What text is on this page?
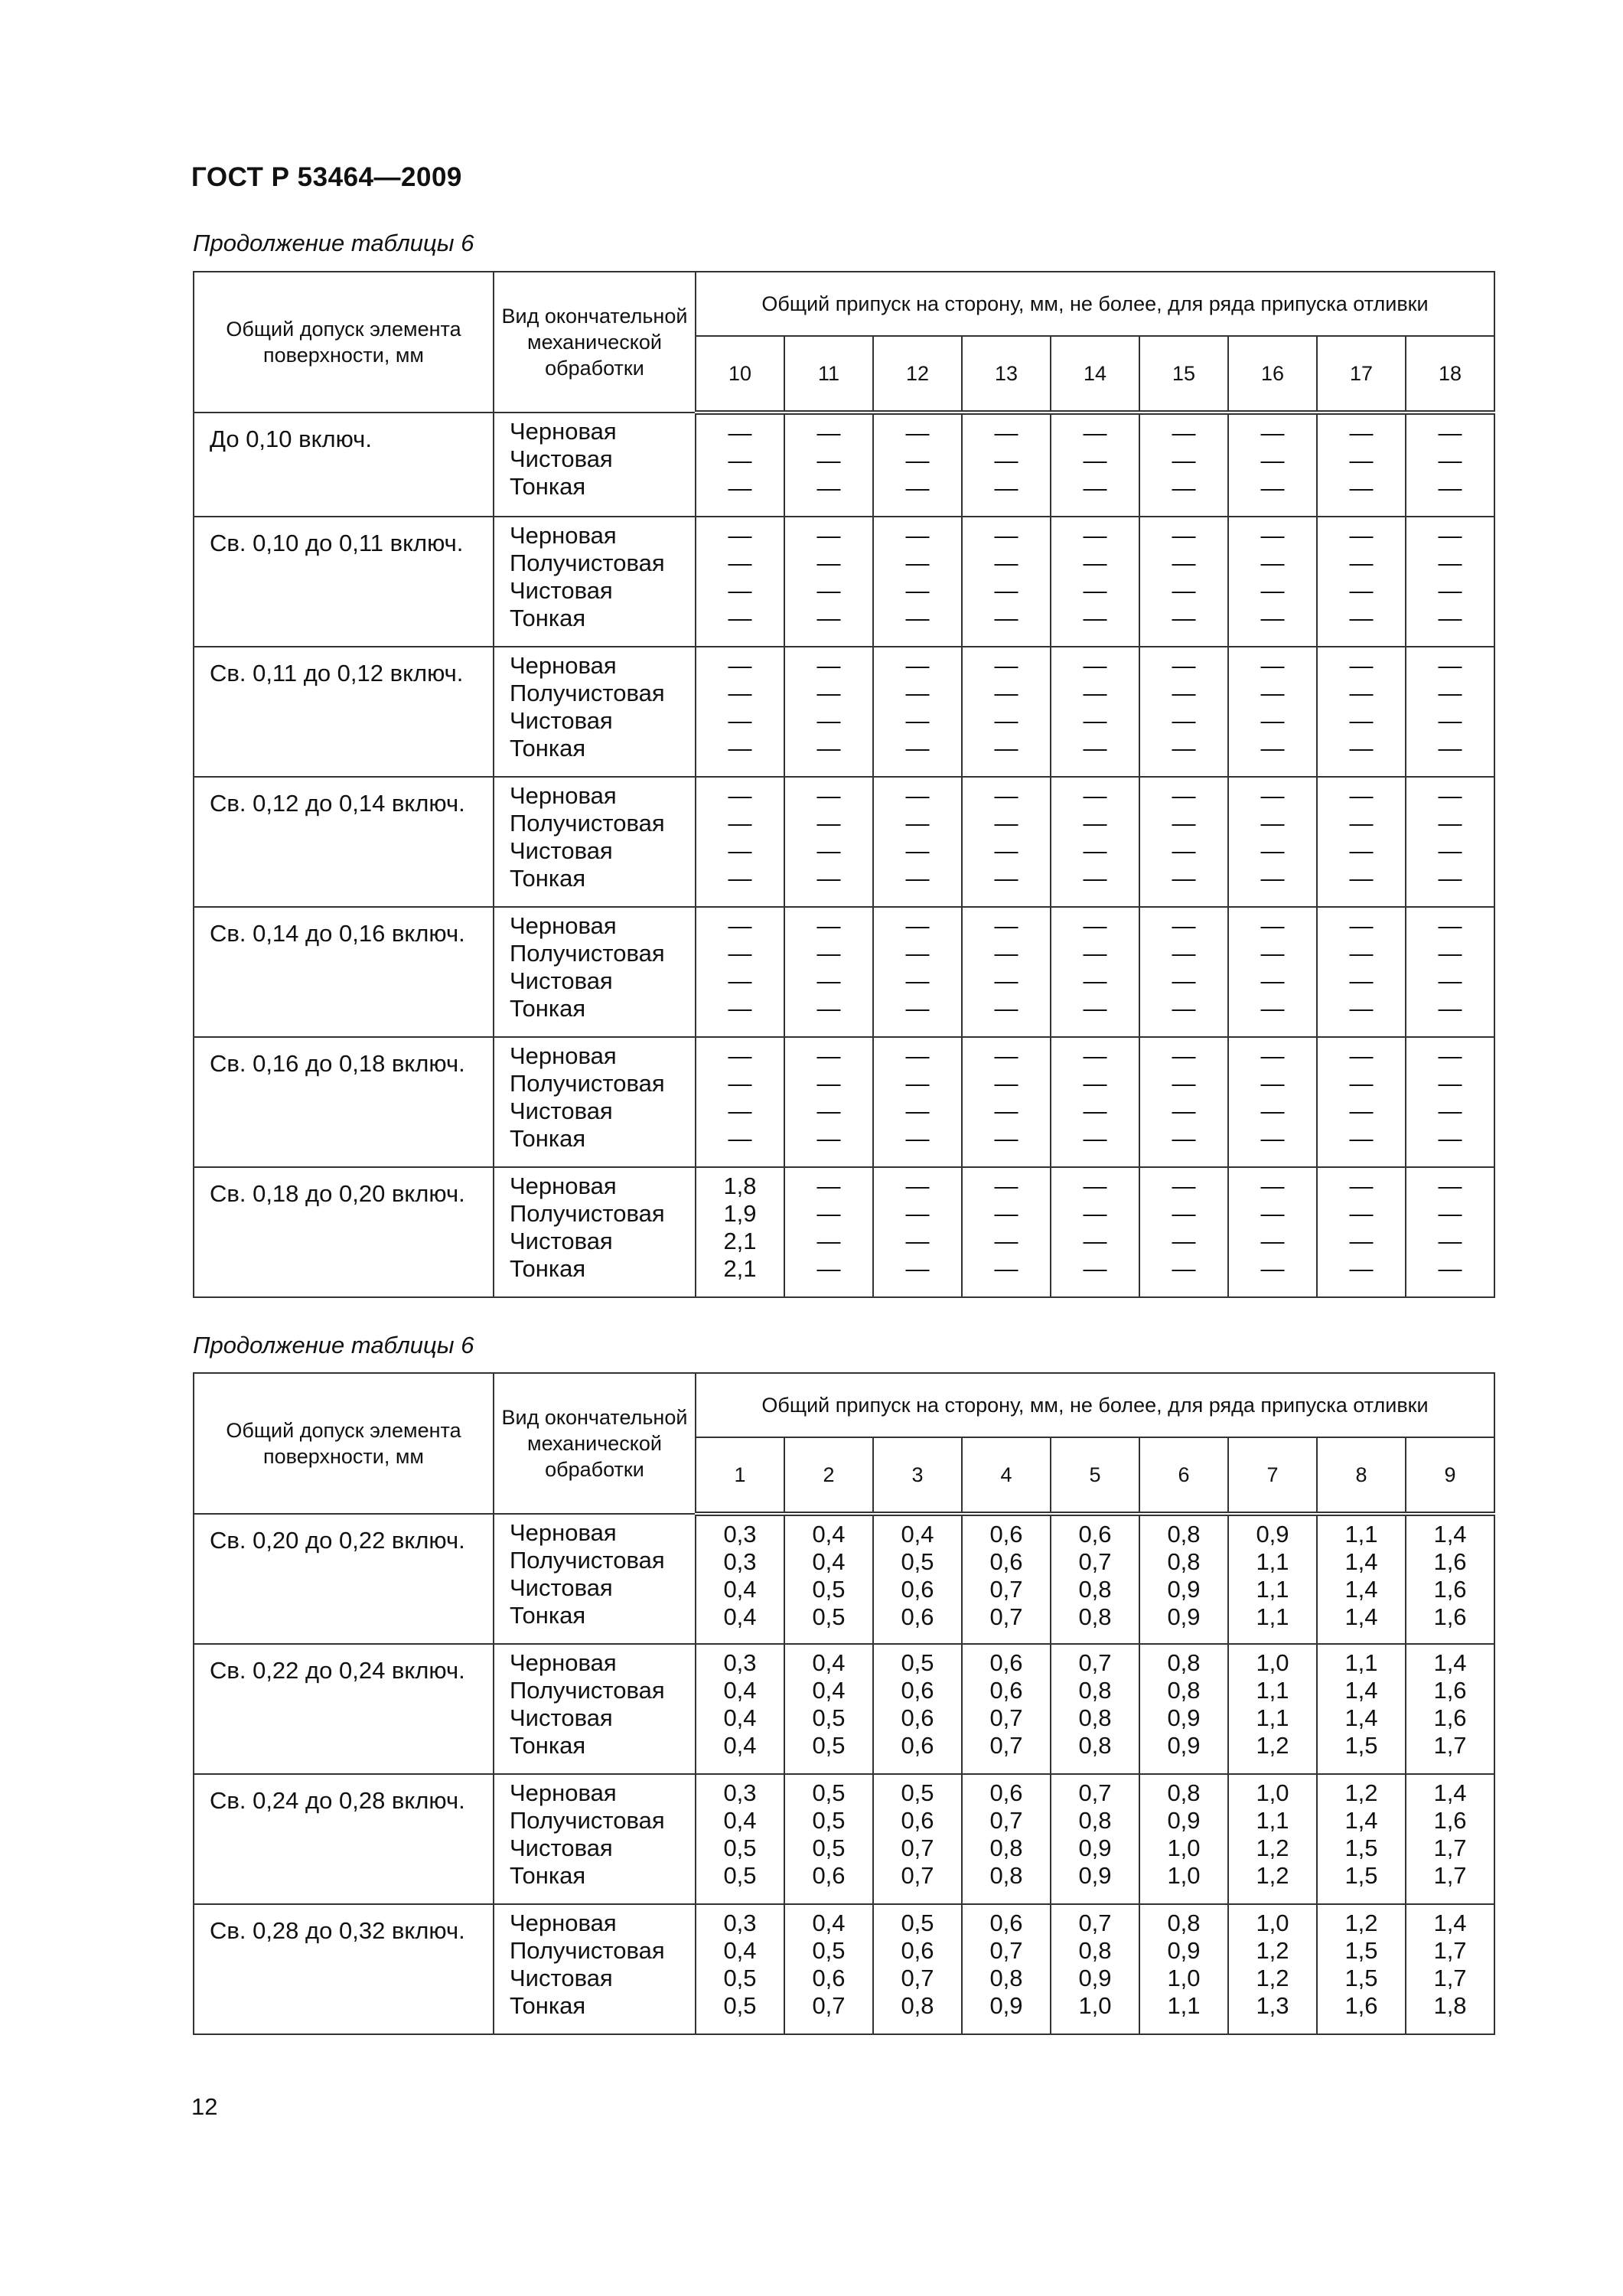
ГОСТ Р 53464—2009
Продолжение таблицы 6
Общий допуск элемента поверхности, мм	Вид окончательной механической обработки	Общий припуск на сторону, мм, не более, для ряда припуска отливки								
		10	11	12	13	14	15	16	17	18
До 0,10 включ.	Черновая
Чистовая
Тонкая	—
—
—	—
—
—	—
—
—	—
—
—	—
—
—	—
—
—	—
—
—	—
—
—	—
—
—

Св. 0,10 до 0,11 включ.	Черновая
Получистовая
Чистовая
Тонкая	—
—
—
—	—
—
—
—	—
—
—
—	—
—
—
—	—
—
—
—	—
—
—
—	—
—
—
—	—
—
—
—	—
—
—
—

Св. 0,11 до 0,12 включ.	Черновая
Получистовая
Чистовая
Тонкая	—
—
—
—	—
—
—
—	—
—
—
—	—
—
—
—	—
—
—
—	—
—
—
—	—
—
—
—	—
—
—
—	—
—
—
—

Св. 0,12 до 0,14 включ.	Черновая
Получистовая
Чистовая
Тонкая	—
—
—
—	—
—
—
—	—
—
—
—	—
—
—
—	—
—
—
—	—
—
—
—	—
—
—
—	—
—
—
—	—
—
—
—

Св. 0,14 до 0,16 включ.	Черновая
Получистовая
Чистовая
Тонкая	—
—
—
—	—
—
—
—	—
—
—
—	—
—
—
—	—
—
—
—	—
—
—
—	—
—
—
—	—
—
—
—	—
—
—
—

Св. 0,16 до 0,18 включ.	Черновая
Получистовая
Чистовая
Тонкая	—
—
—
—	—
—
—
—	—
—
—
—	—
—
—
—	—
—
—
—	—
—
—
—	—
—
—
—	—
—
—
—	—
—
—
—

Св. 0,18 до 0,20 включ.	Черновая
Получистовая
Чистовая
Тонкая	1,8
1,9
2,1
2,1	—
—
—
—	—
—
—
—	—
—
—
—	—
—
—
—	—
—
—
—	—
—
—
—	—
—
—
—	—
—
—
—
Продолжение таблицы 6
Общий допуск элемента поверхности, мм	Вид окончательной механической обработки	Общий припуск на сторону, мм, не более, для ряда припуска отливки								
		1	2	3	4	5	6	7	8	9
Св. 0,20 до 0,22 включ.	Черновая
Получистовая
Чистовая
Тонкая	0,3
0,3
0,4
0,4	0,4
0,4
0,5
0,5	0,4
0,5
0,6
0,6	0,6
0,6
0,7
0,7	0,6
0,7
0,8
0,8	0,8
0,8
0,9
0,9	0,9
1,1
1,1
1,1	1,1
1,4
1,4
1,4	1,4
1,6
1,6
1,6

Св. 0,22 до 0,24 включ.	Черновая
Получистовая
Чистовая
Тонкая	0,3
0,4
0,4
0,4	0,4
0,4
0,5
0,5	0,5
0,6
0,6
0,6	0,6
0,6
0,7
0,7	0,7
0,8
0,8
0,8	0,8
0,8
0,9
0,9	1,0
1,1
1,1
1,2	1,1
1,4
1,4
1,5	1,4
1,6
1,6
1,7

Св. 0,24 до 0,28 включ.	Черновая
Получистовая
Чистовая
Тонкая	0,3
0,4
0,5
0,5	0,5
0,5
0,5
0,6	0,5
0,6
0,7
0,7	0,6
0,7
0,8
0,8	0,7
0,8
0,9
0,9	0,8
0,9
1,0
1,0	1,0
1,1
1,2
1,2	1,2
1,4
1,5
1,5	1,4
1,6
1,7
1,7

Св. 0,28 до 0,32 включ.	Черновая
Получистовая
Чистовая
Тонкая	0,3
0,4
0,5
0,5	0,4
0,5
0,6
0,7	0,5
0,6
0,7
0,8	0,6
0,7
0,8
0,9	0,7
0,8
0,9
1,0	0,8
0,9
1,0
1,1	1,0
1,2
1,2
1,3	1,2
1,5
1,5
1,6	1,4
1,7
1,7
1,8
12
